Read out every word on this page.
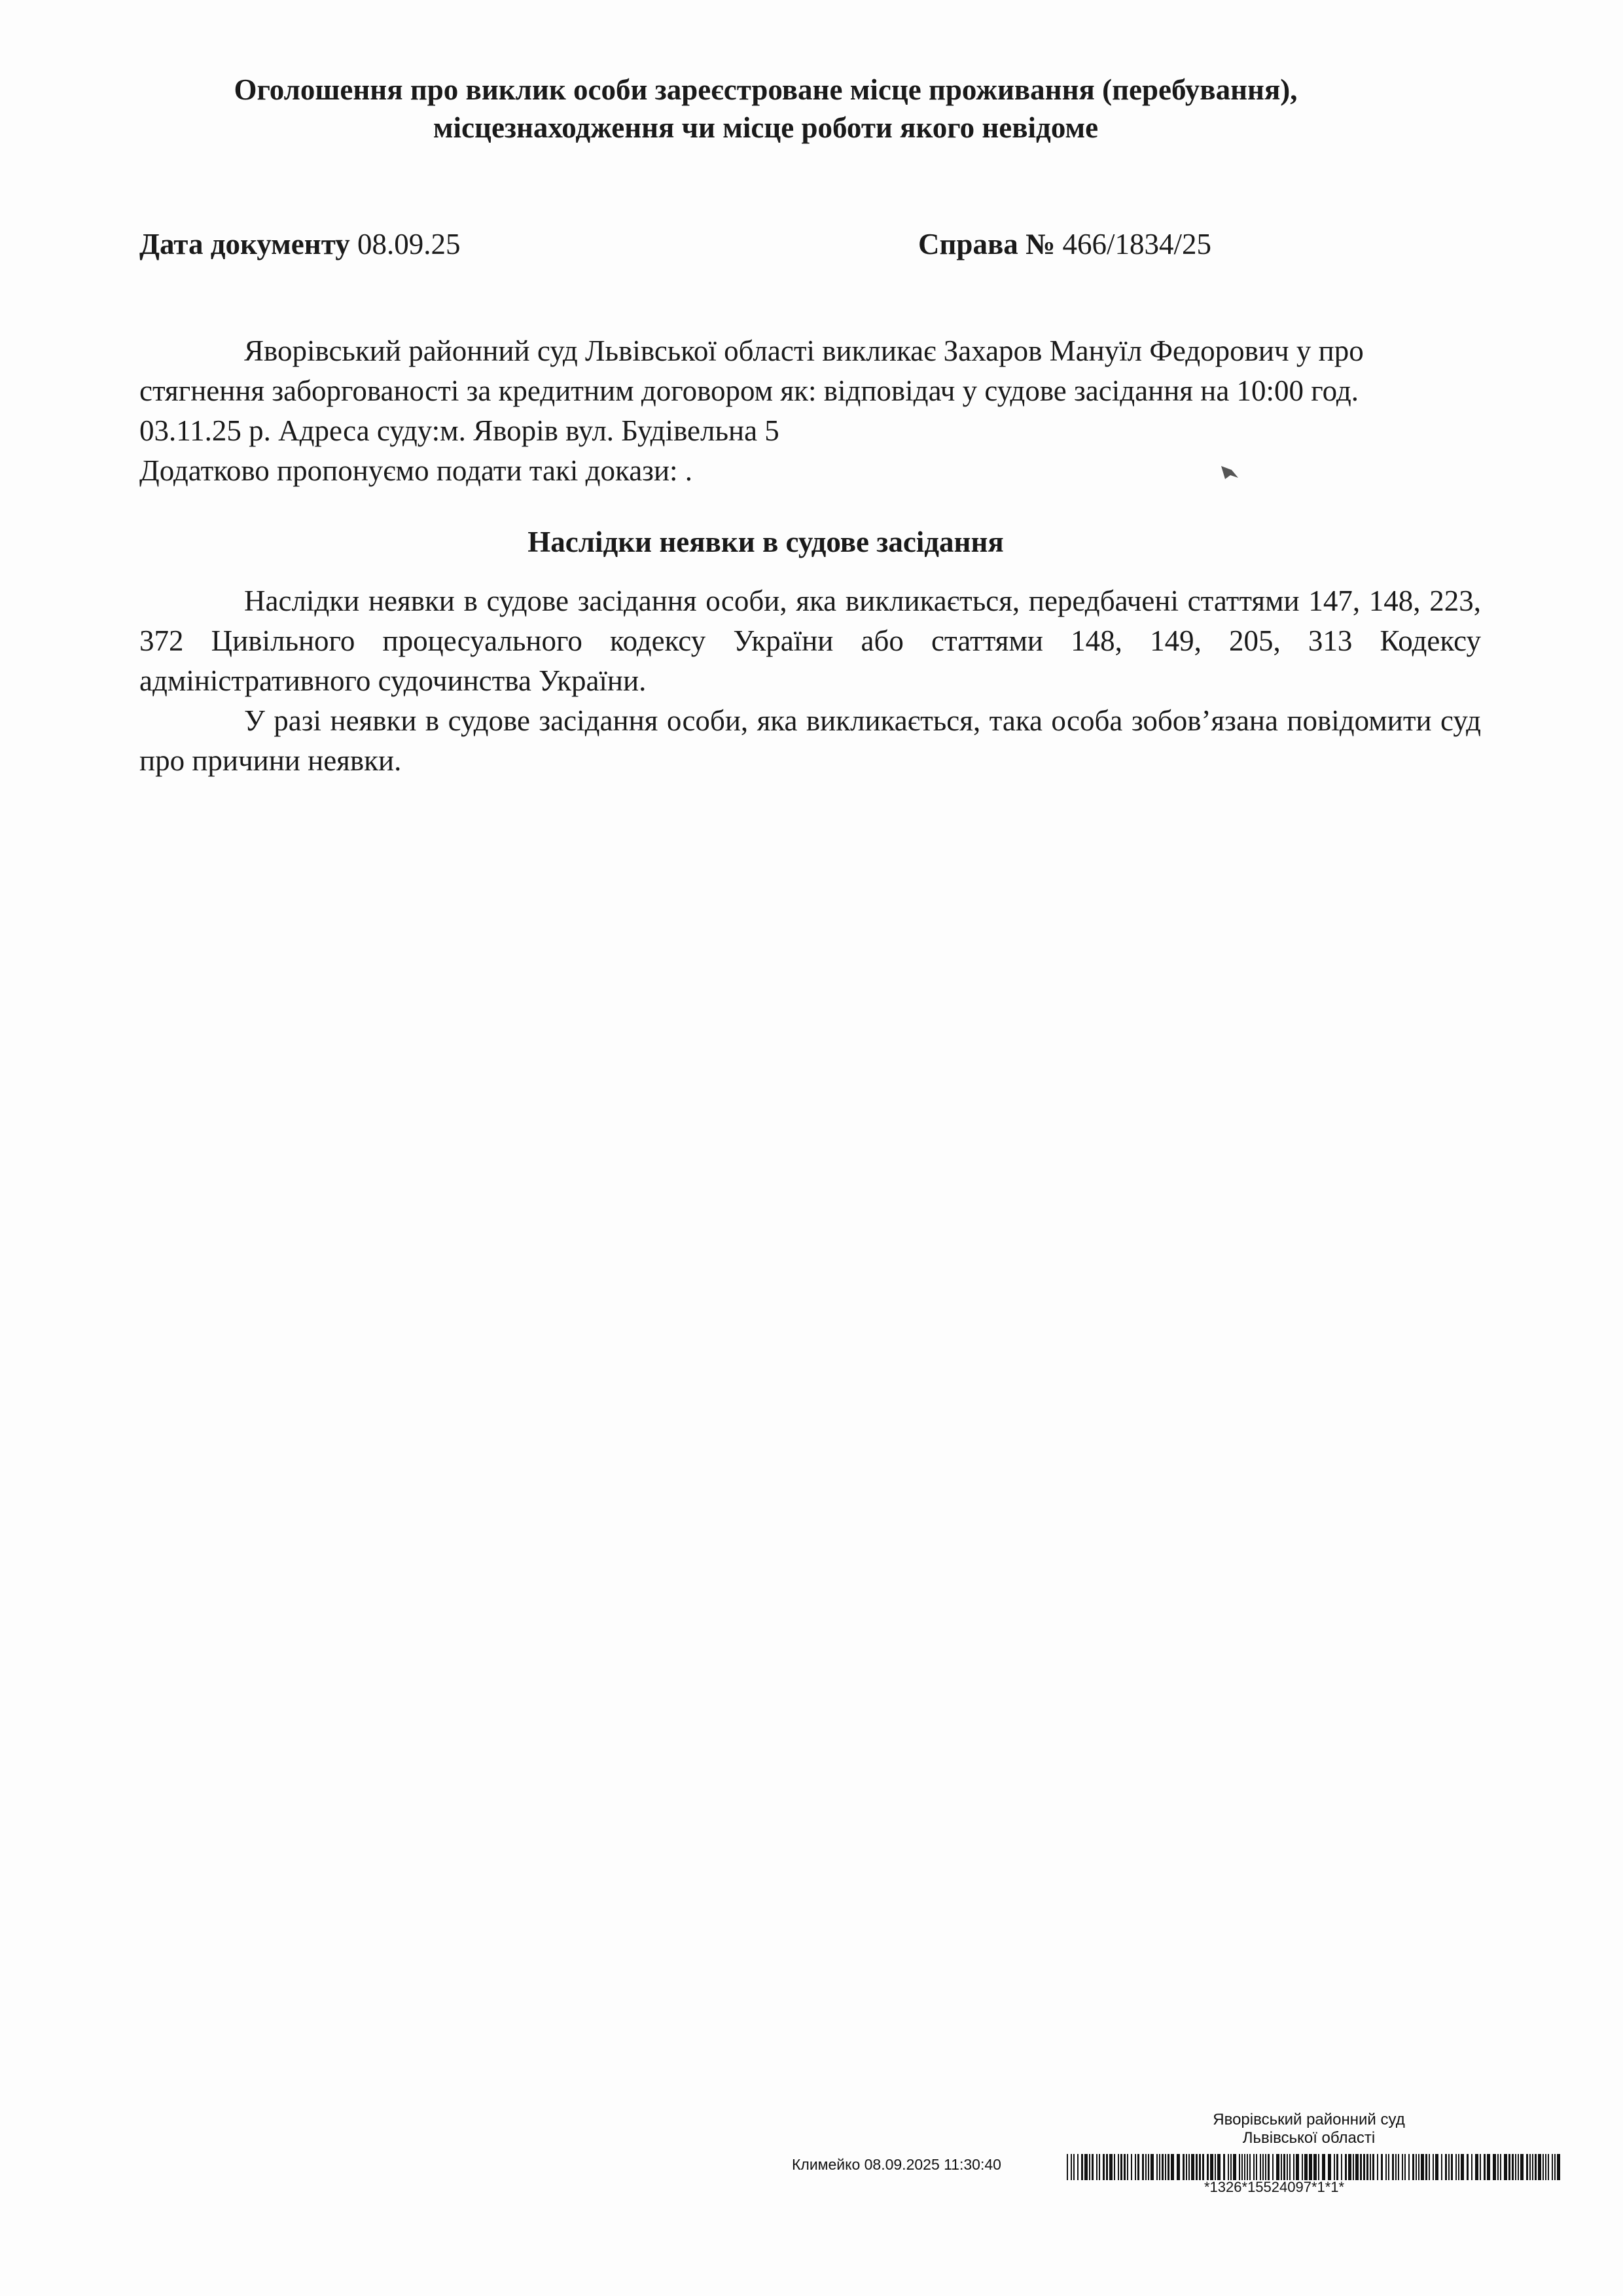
Оголошення про виклик особи зареєстроване місце проживання (перебування),
місцезнаходження чи місце роботи якого невідоме
Дата документу 08.09.25	Справа № 466/1834/25
Яворівський районний суд Львівської області викликає Захаров Мануїл Федорович у про
стягнення заборгованості за кредитним договором як: відповідач у судове засідання на 10:00 год.
03.11.25 р. Адреса суду:м. Яворів вул. Будівельна 5
Додатково пропонуємо подати такі докази: .
Наслідки неявки в судове засідання

Наслідки неявки в судове засідання особи, яка викликається, передбачені статтями 147, 148, 223, 372 Цивільного процесуального кодексу України або статтями 148, 149, 205, 313 Кодексу адміністративного судочинства України.

У разі неявки в судове засідання особи, яка викликається, така особа зобов’язана повідомити суд про причини неявки.

Яворівський районний суд
Львівської області
Климейко 08.09.2025 11:30:40
*1326*15524097*1*1*
